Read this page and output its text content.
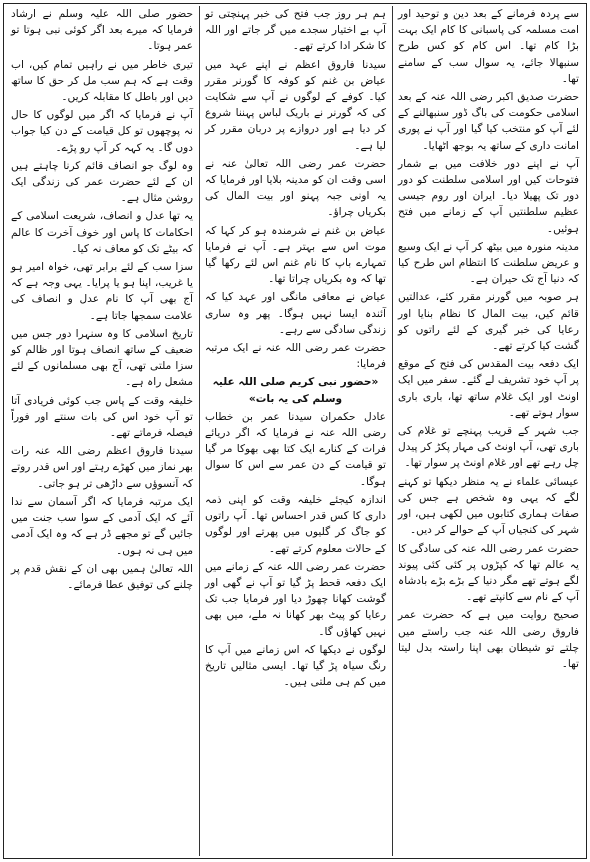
سے پردہ فرمانے کے بعد دین و توحید اور امت مسلمہ کی پاسبانی کا کام ایک بہت بڑا کام تھا۔ اس کام کو کس طرح سنبھالا جائے، یہ سوال سب کے سامنے تھا۔

حضرت صدیق اکبر رضی اللہ عنہ کے بعد اسلامی حکومت کی باگ ڈور سنبھالنے کے لئے آپ کو منتخب کیا گیا اور آپ نے پوری امانت داری کے ساتھ یہ بوجھ اٹھایا۔

آپ نے اپنے دور خلافت میں بے شمار فتوحات کیں اور اسلامی سلطنت کو دور دور تک پھیلا دیا۔ ایران اور روم جیسی عظیم سلطنتیں آپ کے زمانے میں فتح ہوئیں۔

مدینہ منورہ میں بیٹھ کر آپ نے ایک وسیع و عریض سلطنت کا انتظام اس طرح کیا کہ دنیا آج تک حیران ہے۔

ہر صوبہ میں گورنر مقرر کئے، عدالتیں قائم کیں، بیت المال کا نظام بنایا اور رعایا کی خبر گیری کے لئے راتوں کو گشت کیا کرتے تھے۔

ایک دفعہ بیت المقدس کی فتح کے موقع پر آپ خود تشریف لے گئے۔ سفر میں ایک اونٹ اور ایک غلام ساتھ تھا، باری باری سوار ہوتے تھے۔

جب شہر کے قریب پہنچے تو غلام کی باری تھی، آپ اونٹ کی مہار پکڑ کر پیدل چل رہے تھے اور غلام اونٹ پر سوار تھا۔

عیسائی علماء نے یہ منظر دیکھا تو کہنے لگے کہ یہی وہ شخص ہے جس کی صفات ہماری کتابوں میں لکھی ہیں، اور شہر کی کنجیاں آپ کے حوالے کر دیں۔

حضرت عمر رضی اللہ عنہ کی سادگی کا یہ عالم تھا کہ کپڑوں پر کئی کئی پیوند لگے ہوتے تھے مگر دنیا کے بڑے بڑے بادشاہ آپ کے نام سے کانپتے تھے۔

صحیح روایت میں ہے کہ حضرت عمر فاروق رضی اللہ عنہ جب راستے میں چلتے تو شیطان بھی اپنا راستہ بدل لیتا تھا۔

ہم ہر روز جب فتح کی خبر پہنچتی تو آپ بے اختیار سجدے میں گر جاتے اور اللہ کا شکر ادا کرتے تھے۔

سیدنا فاروق اعظم نے اپنے عہد میں عیاض بن غنم کو کوفہ کا گورنر مقرر کیا۔ کوفے کے لوگوں نے آپ سے شکایت کی کہ گورنر نے باریک لباس پہننا شروع کر دیا ہے اور دروازے پر دربان مقرر کر لیا ہے۔

حضرت عمر رضی اللہ تعالیٰ عنہ نے اسی وقت ان کو مدینہ بلایا اور فرمایا کہ یہ اونی جبہ پہنو اور بیت المال کی بکریاں چراؤ۔

عیاض بن غنم نے شرمندہ ہو کر کہا کہ موت اس سے بہتر ہے۔ آپ نے فرمایا تمہارے باپ کا نام غنم اس لئے رکھا گیا تھا کہ وہ بکریاں چراتا تھا۔

عیاض نے معافی مانگی اور عہد کیا کہ آئندہ ایسا نہیں ہوگا۔ پھر وہ ساری زندگی سادگی سے رہے۔

حضرت عمر رضی اللہ عنہ نے ایک مرتبہ فرمایا:

«حضور نبی کریم صلی اللہ علیہ وسلم کی یہ بات»

عادل حکمران سیدنا عمر بن خطاب رضی اللہ عنہ نے فرمایا کہ اگر دریائے فرات کے کنارے ایک کتا بھی بھوکا مر گیا تو قیامت کے دن عمر سے اس کا سوال ہوگا۔

اندازہ کیجئے خلیفہ وقت کو اپنی ذمہ داری کا کس قدر احساس تھا۔ آپ راتوں کو جاگ کر گلیوں میں پھرتے اور لوگوں کے حالات معلوم کرتے تھے۔

حضرت عمر رضی اللہ عنہ کے زمانے میں ایک دفعہ قحط پڑ گیا تو آپ نے گھی اور گوشت کھانا چھوڑ دیا اور فرمایا جب تک رعایا کو پیٹ بھر کھانا نہ ملے، میں بھی نہیں کھاؤں گا۔

لوگوں نے دیکھا کہ اس زمانے میں آپ کا رنگ سیاہ پڑ گیا تھا۔ ایسی مثالیں تاریخ میں کم ہی ملتی ہیں۔

حضور صلی اللہ علیہ وسلم نے ارشاد فرمایا کہ میرے بعد اگر کوئی نبی ہوتا تو عمر ہوتا۔

تیری خاطر میں نے راہیں تمام کیں، اب وقت ہے کہ ہم سب مل کر حق کا ساتھ دیں اور باطل کا مقابلہ کریں۔

آپ نے فرمایا کہ اگر میں لوگوں کا حال نہ پوچھوں تو کل قیامت کے دن کیا جواب دوں گا۔ یہ کہہ کر آپ رو پڑے۔

وہ لوگ جو انصاف قائم کرنا چاہتے ہیں ان کے لئے حضرت عمر کی زندگی ایک روشن مثال ہے۔

یہ تھا عدل و انصاف، شریعت اسلامی کے احکامات کا پاس اور خوف آخرت کا عالم کہ بیٹے تک کو معاف نہ کیا۔

سزا سب کے لئے برابر تھی، خواہ امیر ہو یا غریب، اپنا ہو یا پرایا۔ یہی وجہ ہے کہ آج بھی آپ کا نام عدل و انصاف کی علامت سمجھا جاتا ہے۔

تاریخ اسلامی کا وہ سنہرا دور جس میں ضعیف کے ساتھ انصاف ہوتا اور ظالم کو سزا ملتی تھی، آج بھی مسلمانوں کے لئے مشعل راہ ہے۔

خلیفہ وقت کے پاس جب کوئی فریادی آتا تو آپ خود اس کی بات سنتے اور فوراً فیصلہ فرماتے تھے۔

سیدنا فاروق اعظم رضی اللہ عنہ رات بھر نماز میں کھڑے رہتے اور اس قدر روتے کہ آنسوؤں سے داڑھی تر ہو جاتی۔

ایک مرتبہ فرمایا کہ اگر آسمان سے ندا آئے کہ ایک آدمی کے سوا سب جنت میں جائیں گے تو مجھے ڈر ہے کہ وہ ایک آدمی میں ہی نہ ہوں۔

اللہ تعالیٰ ہمیں بھی ان کے نقش قدم پر چلنے کی توفیق عطا فرمائے۔
